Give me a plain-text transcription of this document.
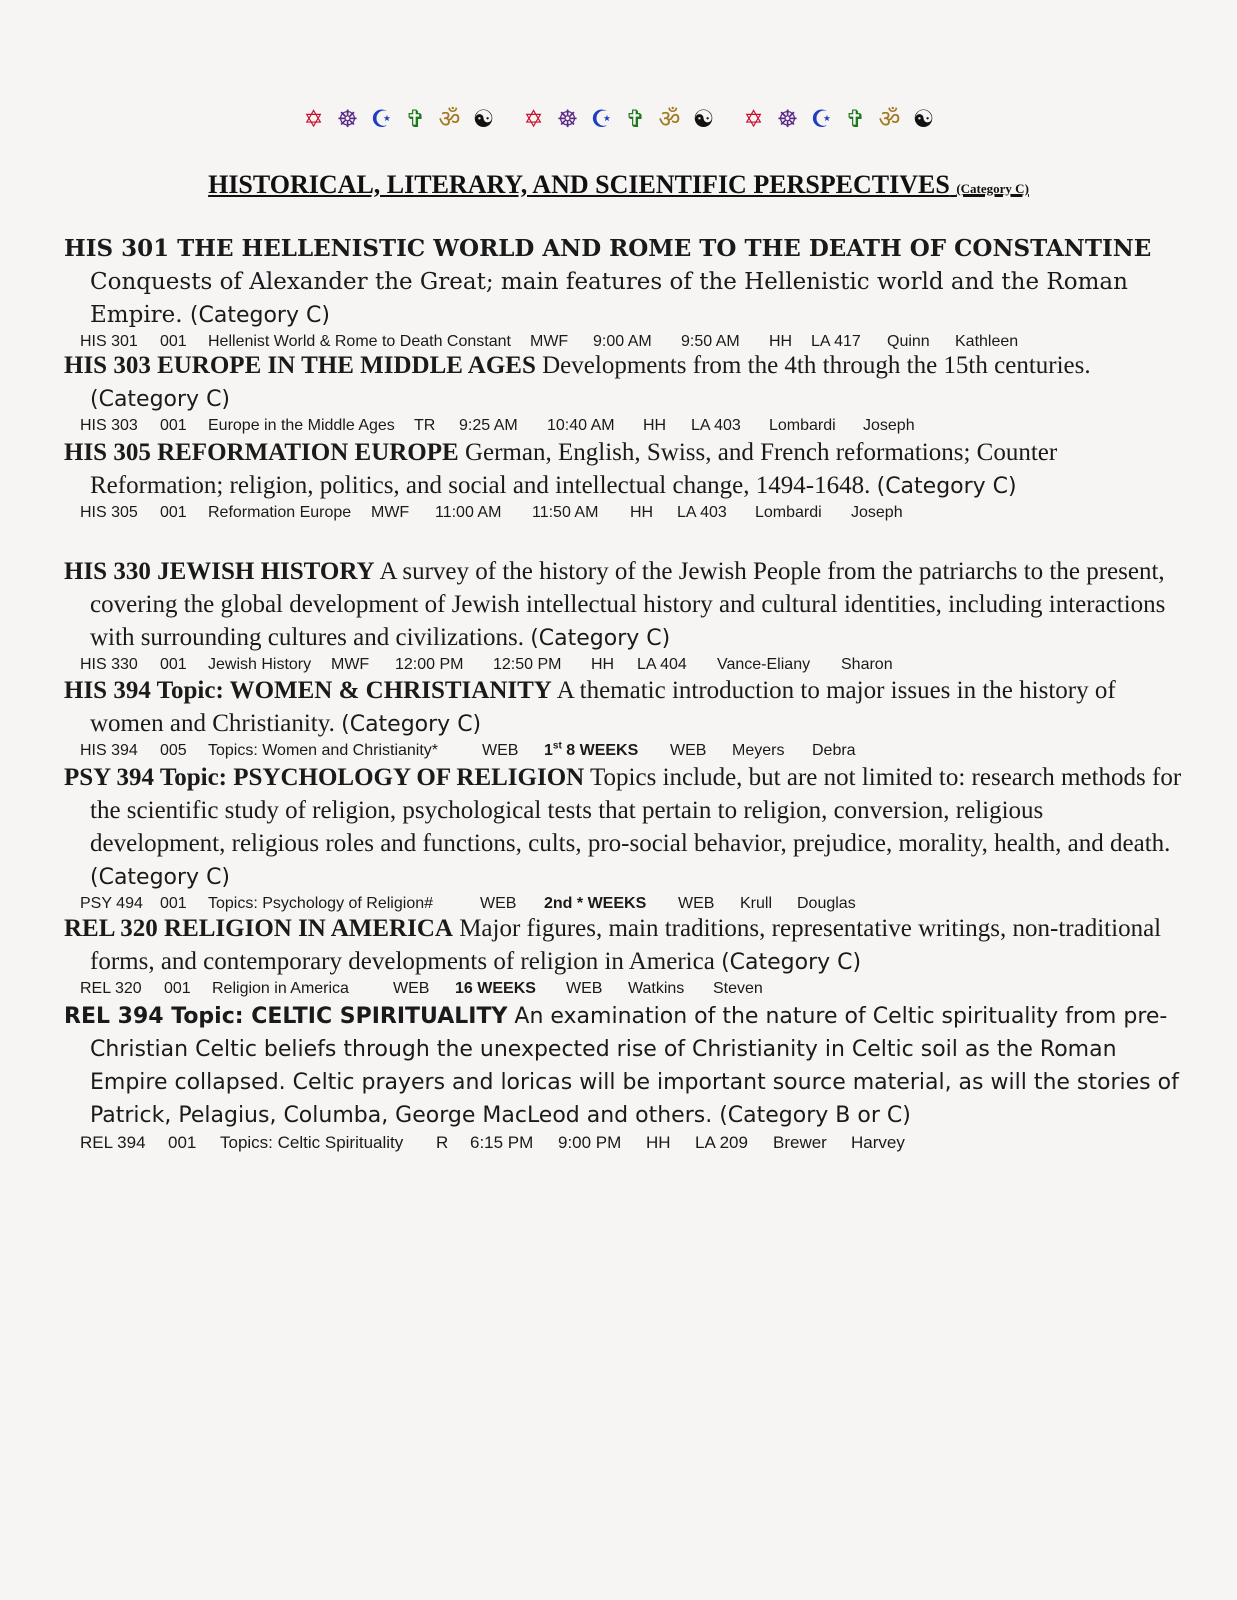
✡ ☸ ☪ ✞ ॐ ☯ ✡ ☸ ☪ ✞ ॐ ☯ ✡ ☸ ☪ ✞ ॐ ☯
HISTORICAL, LITERARY, AND SCIENTIFIC PERSPECTIVES (Category C)

HIS 301 THE HELLENISTIC WORLD AND ROME TO THE DEATH OF CONSTANTINE
Conquests of Alexander the Great; main features of the Hellenistic world and the Roman Empire. (Category C)

HIS 301	001	Hellenist World & Rome to Death Constant	MWF	9:00 AM	9:50 AM	HH	LA 417	Quinn	Kathleen

HIS 303 EUROPE IN THE MIDDLE AGES Developments from the 4th through the 15th centuries. (Category C)

HIS 303	001	Europe in the Middle Ages	TR	9:25 AM	10:40 AM	HH	LA 403	Lombardi	Joseph

HIS 305 REFORMATION EUROPE German, English, Swiss, and French reformations; Counter Reformation; religion, politics, and social and intellectual change, 1494-1648. (Category C)

HIS 305	001	Reformation Europe	MWF	11:00 AM	11:50 AM	HH	LA 403	Lombardi	Joseph

HIS 330 JEWISH HISTORY A survey of the history of the Jewish People from the patriarchs to the present, covering the global development of Jewish intellectual history and cultural identities, including interactions with surrounding cultures and civilizations. (Category C)

HIS 330	001	Jewish History	MWF	12:00 PM	12:50 PM	HH	LA 404	Vance-Eliany	Sharon

HIS 394 Topic: WOMEN & CHRISTIANITY A thematic introduction to major issues in the history of women and Christianity. (Category C)

HIS 394	005	Topics: Women and Christianity*	WEB	1st 8 WEEKS	WEB	Meyers	Debra

PSY 394 Topic: PSYCHOLOGY OF RELIGION Topics include, but are not limited to: research methods for the scientific study of religion, psychological tests that pertain to religion, conversion, religious development, religious roles and functions, cults, pro-social behavior, prejudice, morality, health, and death. (Category C)

PSY 494	001	Topics: Psychology of Religion#	WEB	2nd * WEEKS	WEB	Krull	Douglas

REL 320 RELIGION IN AMERICA Major figures, main traditions, representative writings, non-traditional forms, and contemporary developments of religion in America (Category C)

REL 320	001	Religion in America	WEB	16 WEEKS	WEB	Watkins	Steven

REL 394 Topic: CELTIC SPIRITUALITY An examination of the nature of Celtic spirituality from pre-Christian Celtic beliefs through the unexpected rise of Christianity in Celtic soil as the Roman Empire collapsed. Celtic prayers and loricas will be important source material, as will the stories of Patrick, Pelagius, Columba, George MacLeod and others. (Category B or C)

REL 394	001	Topics: Celtic Spirituality	R	6:15 PM	9:00 PM	HH	LA 209	Brewer	Harvey
